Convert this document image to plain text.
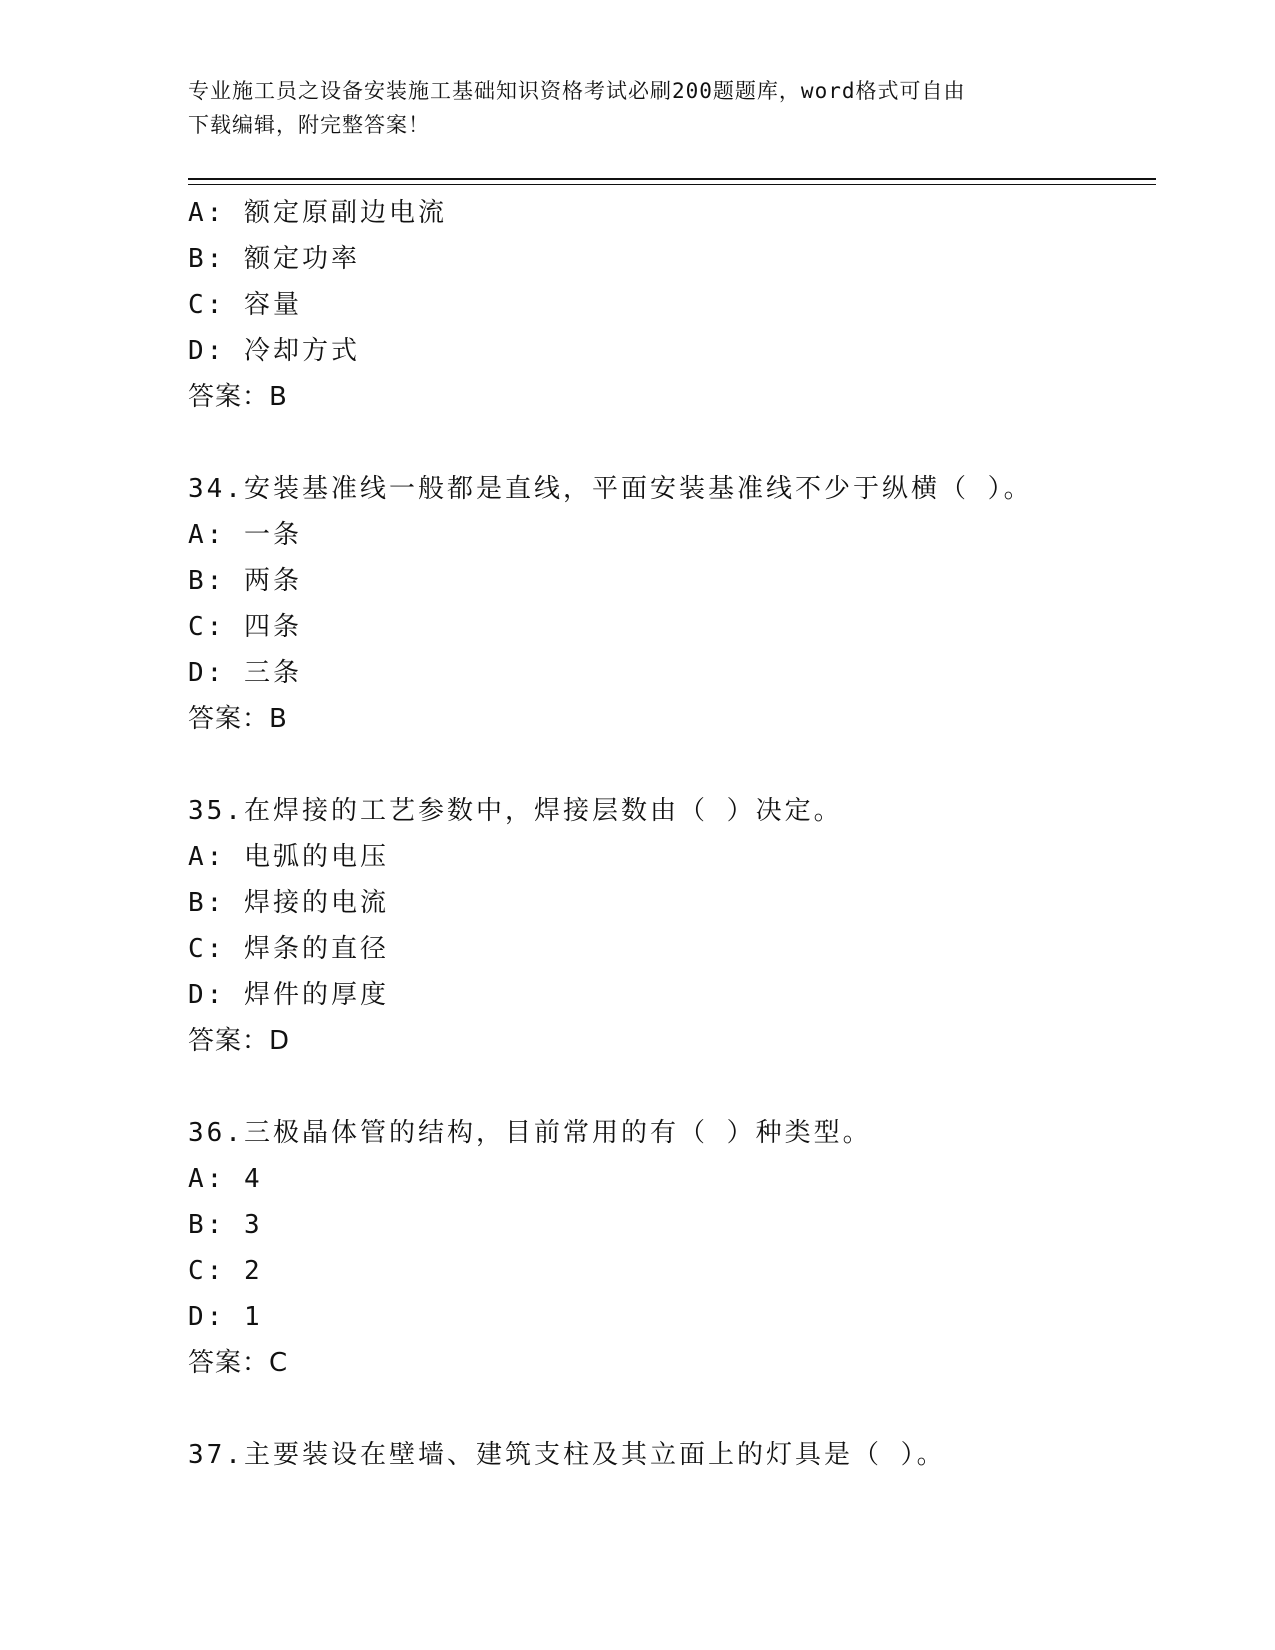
专业施工员之设备安装施工基础知识资格考试必刷200题题库，word格式可自由
下载编辑，附完整答案！
A: 额定原副边电流
B: 额定功率
C: 容量
D: 冷却方式
答案：B
34.安装基准线一般都是直线，平面安装基准线不少于纵横（ ）。
A: 一条
B: 两条
C: 四条
D: 三条
答案：B
35.在焊接的工艺参数中，焊接层数由（ ）决定。
A: 电弧的电压
B: 焊接的电流
C: 焊条的直径
D: 焊件的厚度
答案：D
36.三极晶体管的结构，目前常用的有（ ）种类型。
A: 4
B: 3
C: 2
D: 1
答案：C
37.主要装设在壁墙、建筑支柱及其立面上的灯具是（ ）。
